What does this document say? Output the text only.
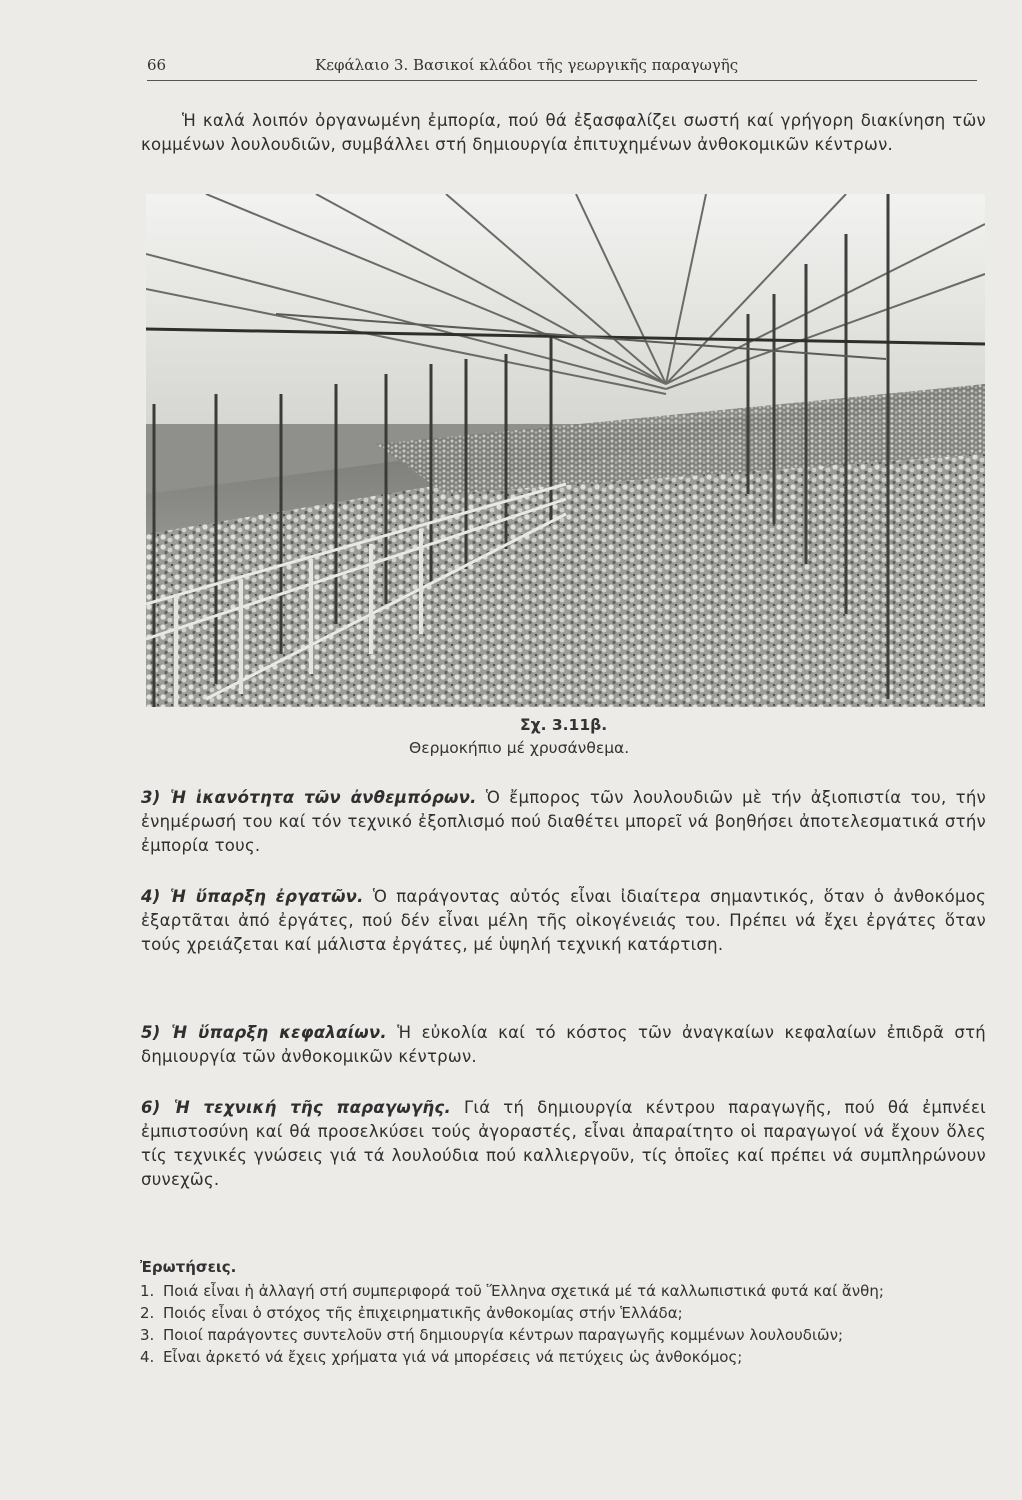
66	Κεφάλαιο 3. Βασικοί κλάδοι τῆς γεωργικῆς παραγωγῆς

Ἡ καλά λοιπόν ὀργανωμένη ἐμπορία, πού θά ἐξασφαλίζει σωστή καί γρήγορη διακίνηση τῶν κομμένων λουλουδιῶν, συμβάλλει στή δημιουργία ἐπιτυχημένων ἀνθοκομικῶν κέντρων.

Σχ. 3.11β.
Θερμοκήπιο μέ χρυσάνθεμα.

3) Ἡ ἱκανότητα τῶν ἀνθεμπόρων. Ὁ ἔμπορος τῶν λουλουδιῶν μὲ τήν ἀξιοπιστία του, τήν ἐνημέρωσή του καί τόν τεχνικό ἐξοπλισμό πού διαθέτει μπορεῖ νά βοηθήσει ἀποτελεσματικά στήν ἐμπορία τους.

4) Ἡ ὕπαρξη ἐργατῶν. Ὁ παράγοντας αὐτός εἶναι ἰδιαίτερα σημαντικός, ὅταν ὁ ἀνθοκόμος ἐξαρτᾶται ἀπό ἐργάτες, πού δέν εἶναι μέλη τῆς οἰκογένειάς του. Πρέπει νά ἔχει ἐργάτες ὅταν τούς χρειάζεται καί μάλιστα ἐργάτες, μέ ὑψηλή τεχνική κατάρτιση.

5) Ἡ ὕπαρξη κεφαλαίων. Ἡ εὐκολία καί τό κόστος τῶν ἀναγκαίων κεφαλαίων ἐπιδρᾶ στή δημιουργία τῶν ἀνθοκομικῶν κέντρων.

6) Ἡ τεχνική τῆς παραγωγῆς. Γιά τή δημιουργία κέντρου παραγωγῆς, πού θά ἐμπνέει ἐμπιστοσύνη καί θά προσελκύσει τούς ἀγοραστές, εἶναι ἀπαραίτητο οἱ παραγωγοί νά ἔχουν ὅλες τίς τεχνικές γνώσεις γιά τά λουλούδια πού καλλιεργοῦν, τίς ὁποῖες καί πρέπει νά συμπληρώνουν συνεχῶς.

Ἐρωτήσεις.
1. Ποιά εἶναι ἡ ἀλλαγή στή συμπεριφορά τοῦ Ἕλληνα σχετικά μέ τά καλλωπιστικά φυτά καί ἄνθη;
2. Ποιός εἶναι ὁ στόχος τῆς ἐπιχειρηματικῆς ἀνθοκομίας στήν Ἑλλάδα;
3. Ποιοί παράγοντες συντελοῦν στή δημιουργία κέντρων παραγωγῆς κομμένων λουλουδιῶν;
4. Εἶναι ἀρκετό νά ἔχεις χρήματα γιά νά μπορέσεις νά πετύχεις ὡς ἀνθοκόμος;
